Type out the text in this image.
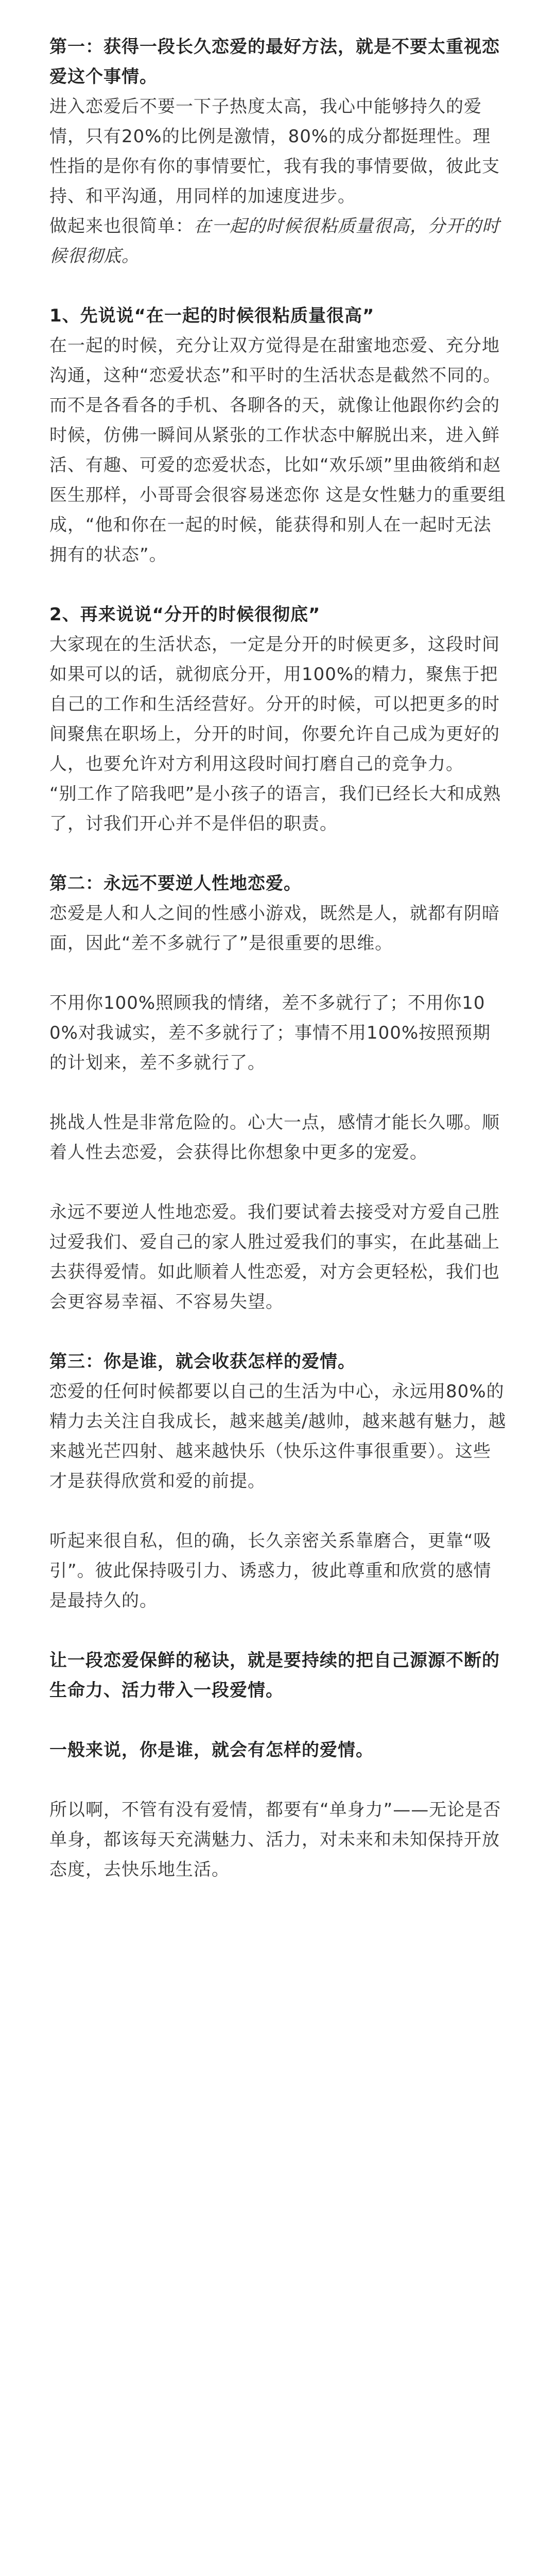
第一：获得一段长久恋爱的最好方法，就是不要太重视恋爱这个事情。

进入恋爱后不要一下子热度太高，我心中能够持久的爱情，只有20%的比例是激情，80%的成分都挺理性。理性指的是你有你的事情要忙，我有我的事情要做，彼此支持、和平沟通，用同样的加速度进步。

做起来也很简单：在一起的时候很粘质量很高，分开的时候很彻底。

1、先说说“在一起的时候很粘质量很高”

在一起的时候，充分让双方觉得是在甜蜜地恋爱、充分地沟通，这种“恋爱状态”和平时的生活状态是截然不同的。而不是各看各的手机、各聊各的天，就像让他跟你约会的时候，仿佛一瞬间从紧张的工作状态中解脱出来，进入鲜活、有趣、可爱的恋爱状态，比如“欢乐颂”里曲筱绡和赵医生那样，小哥哥会很容易迷恋你 这是女性魅力的重要组成，“他和你在一起的时候，能获得和别人在一起时无法拥有的状态”。

2、再来说说“分开的时候很彻底”

大家现在的生活状态，一定是分开的时候更多，这段时间如果可以的话，就彻底分开，用100%的精力，聚焦于把自己的工作和生活经营好。分开的时候，可以把更多的时间聚焦在职场上，分开的时间，你要允许自己成为更好的人，也要允许对方利用这段时间打磨自己的竞争力。

“别工作了陪我吧”是小孩子的语言，我们已经长大和成熟了，讨我们开心并不是伴侣的职责。

第二：永远不要逆人性地恋爱。

恋爱是人和人之间的性感小游戏，既然是人，就都有阴暗面，因此“差不多就行了”是很重要的思维。

不用你100%照顾我的情绪，差不多就行了；不用你100%对我诚实，差不多就行了；事情不用100%按照预期的计划来，差不多就行了。

挑战人性是非常危险的。心大一点，感情才能长久哪。顺着人性去恋爱，会获得比你想象中更多的宠爱。

永远不要逆人性地恋爱。我们要试着去接受对方爱自己胜过爱我们、爱自己的家人胜过爱我们的事实，在此基础上去获得爱情。如此顺着人性恋爱，对方会更轻松，我们也会更容易幸福、不容易失望。

第三：你是谁，就会收获怎样的爱情。

恋爱的任何时候都要以自己的生活为中心，永远用80%的精力去关注自我成长，越来越美/越帅，越来越有魅力，越来越光芒四射、越来越快乐（快乐这件事很重要）。这些才是获得欣赏和爱的前提。

听起来很自私，但的确，长久亲密关系靠磨合，更靠“吸引”。彼此保持吸引力、诱惑力，彼此尊重和欣赏的感情是最持久的。

让一段恋爱保鲜的秘诀，就是要持续的把自己源源不断的生命力、活力带入一段爱情。

一般来说，你是谁，就会有怎样的爱情。

所以啊，不管有没有爱情，都要有“单身力”——无论是否单身，都该每天充满魅力、活力，对未来和未知保持开放态度，去快乐地生活。
